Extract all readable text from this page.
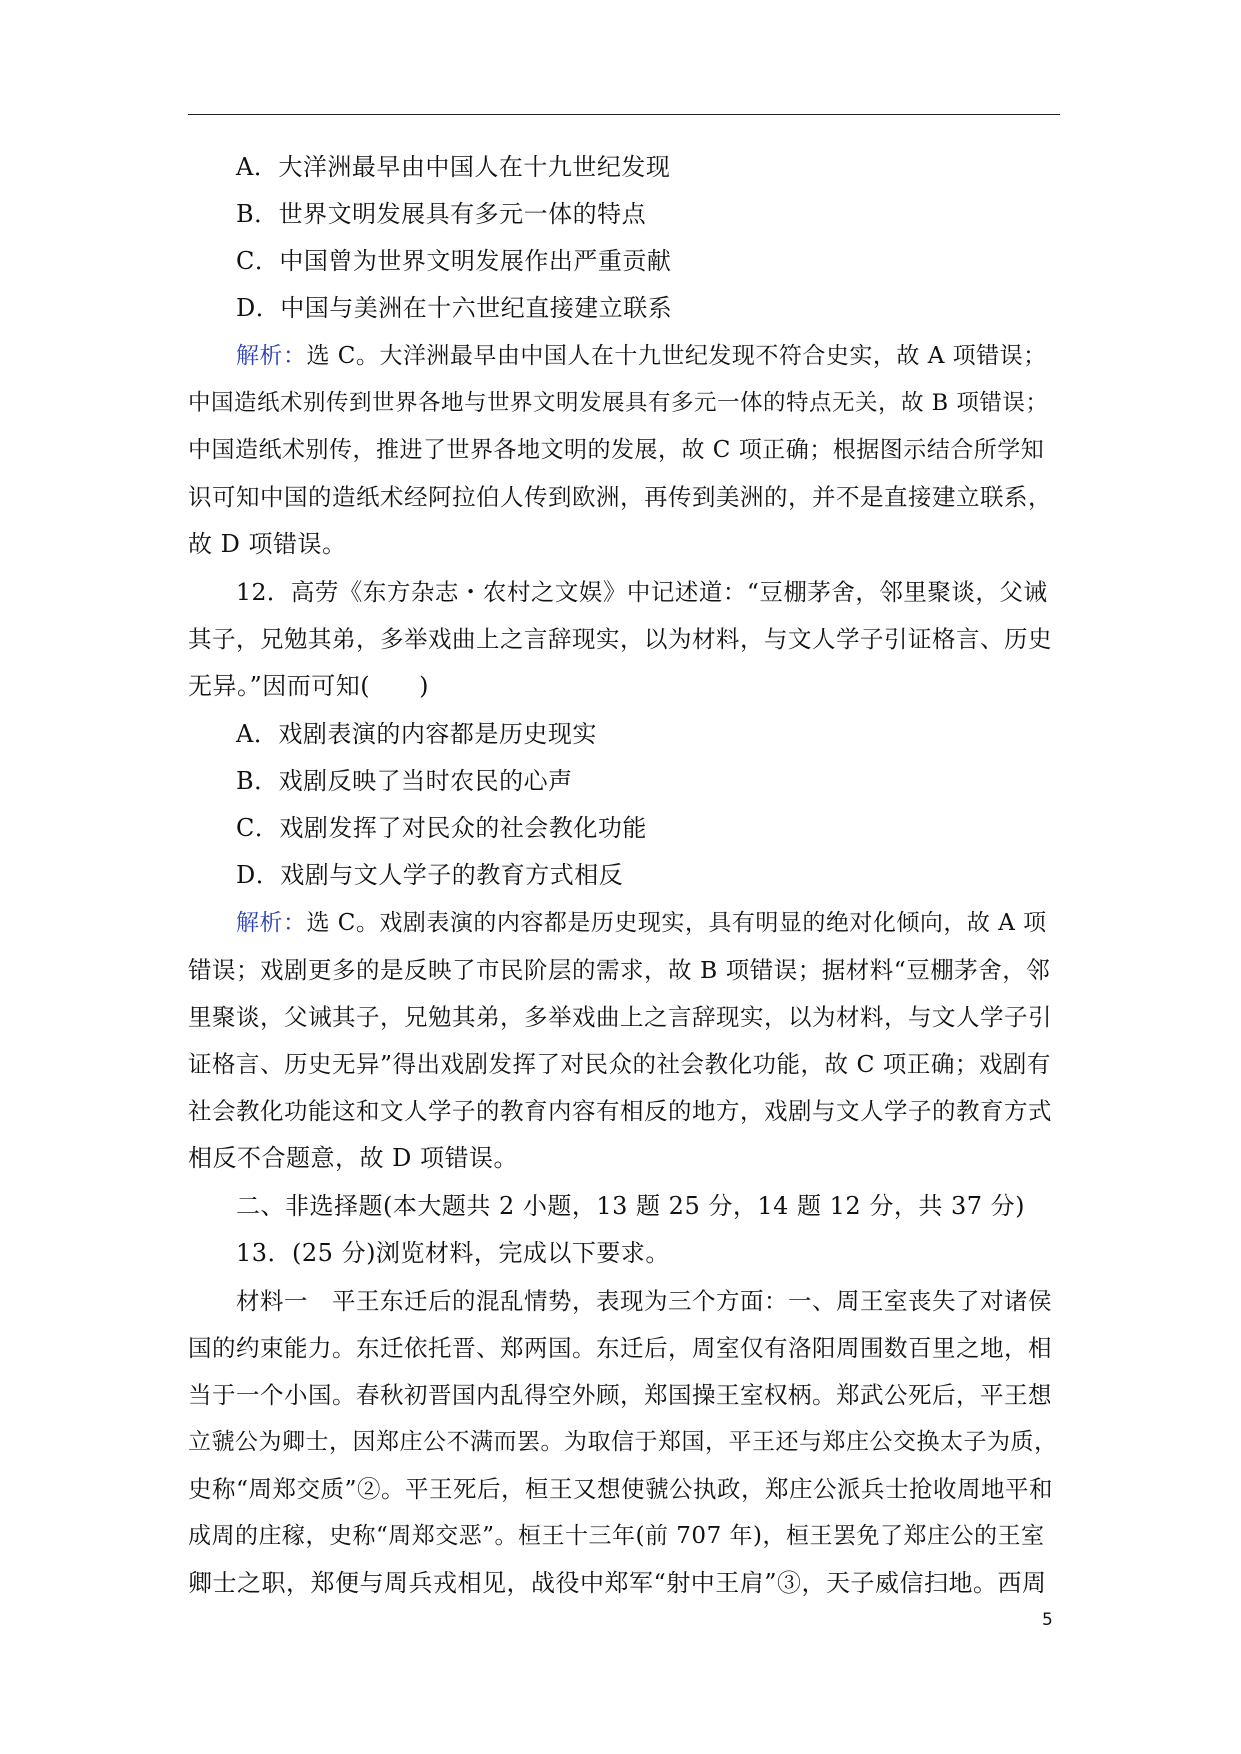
A．大洋洲最早由中国人在十九世纪发现
B．世界文明发展具有多元一体的特点
C．中国曾为世界文明发展作出严重贡献
D．中国与美洲在十六世纪直接建立联系
解析：选 C。大洋洲最早由中国人在十九世纪发现不符合史实，故 A 项错误；
中国造纸术别传到世界各地与世界文明发展具有多元一体的特点无关，故 B 项错误；
中国造纸术别传，推进了世界各地文明的发展，故 C 项正确；根据图示结合所学知
识可知中国的造纸术经阿拉伯人传到欧洲，再传到美洲的，并不是直接建立联系，
故 D 项错误。
12．高劳《东方杂志・农村之文娱》中记述道：“豆棚茅舍，邻里聚谈，父诫
其子，兄勉其弟，多举戏曲上之言辞现实，以为材料，与文人学子引证格言、历史
无异。”因而可知(　　)
A．戏剧表演的内容都是历史现实
B．戏剧反映了当时农民的心声
C．戏剧发挥了对民众的社会教化功能
D．戏剧与文人学子的教育方式相反
解析：选 C。戏剧表演的内容都是历史现实，具有明显的绝对化倾向，故 A 项
错误；戏剧更多的是反映了市民阶层的需求，故 B 项错误；据材料“豆棚茅舍，邻
里聚谈，父诫其子，兄勉其弟，多举戏曲上之言辞现实，以为材料，与文人学子引
证格言、历史无异”得出戏剧发挥了对民众的社会教化功能，故 C 项正确；戏剧有
社会教化功能这和文人学子的教育内容有相反的地方，戏剧与文人学子的教育方式
相反不合题意，故 D 项错误。
二、非选择题(本大题共 2 小题，13 题 25 分，14 题 12 分，共 37 分)
13．(25 分)浏览材料，完成以下要求。
材料一　平王东迁后的混乱情势，表现为三个方面：一、周王室丧失了对诸侯
国的约束能力。东迁依托晋、郑两国。东迁后，周室仅有洛阳周围数百里之地，相
当于一个小国。春秋初晋国内乱得空外顾，郑国操王室权柄。郑武公死后，平王想
立虢公为卿士，因郑庄公不满而罢。为取信于郑国，平王还与郑庄公交换太子为质，
史称“周郑交质”②。平王死后，桓王又想使虢公执政，郑庄公派兵士抢收周地平和
成周的庄稼，史称“周郑交恶”。桓王十三年(前 707 年)，桓王罢免了郑庄公的王室
卿士之职，郑便与周兵戎相见，战役中郑军“射中王肩”③，天子威信扫地。西周
5
